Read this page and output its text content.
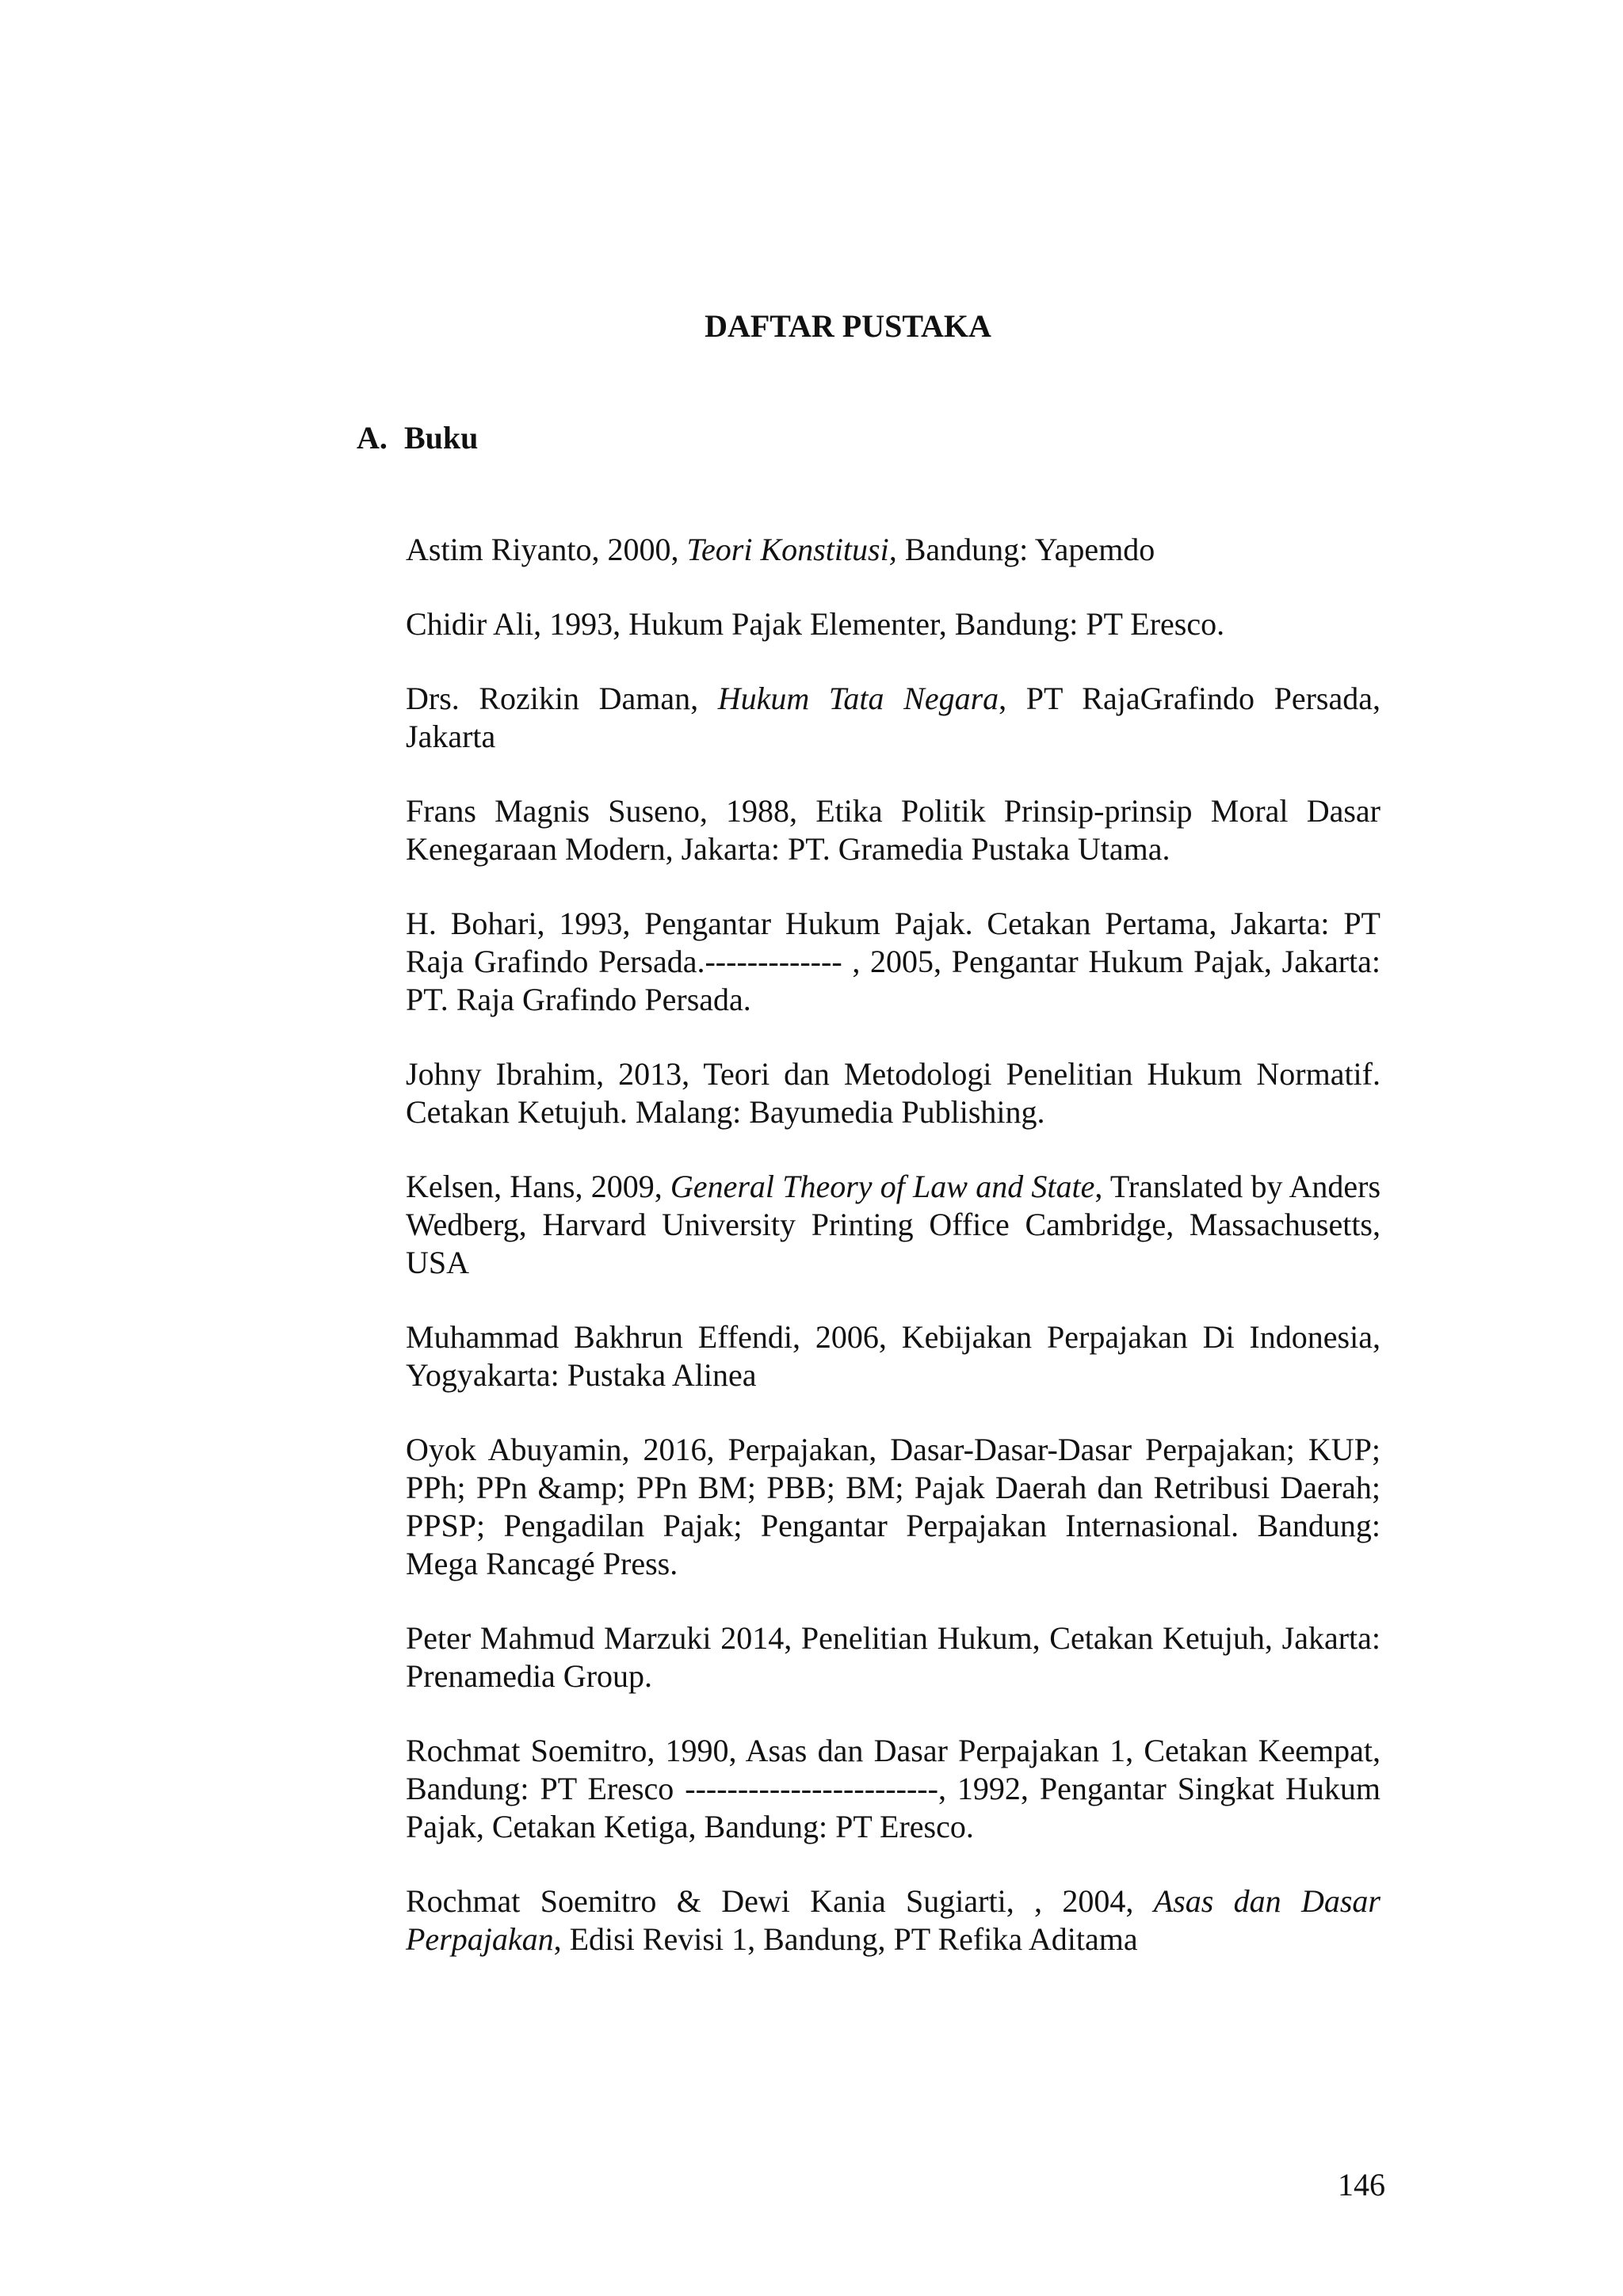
DAFTAR PUSTAKA
A. Buku
Astim Riyanto, 2000, Teori Konstitusi, Bandung: Yapemdo
Chidir Ali, 1993, Hukum Pajak Elementer, Bandung: PT Eresco.
Drs. Rozikin Daman, Hukum Tata Negara, PT RajaGrafindo Persada, Jakarta
Frans Magnis Suseno, 1988, Etika Politik Prinsip-prinsip Moral Dasar Kenegaraan Modern, Jakarta: PT. Gramedia Pustaka Utama.
H. Bohari, 1993, Pengantar Hukum Pajak. Cetakan Pertama, Jakarta: PT Raja Grafindo Persada.------------- , 2005, Pengantar Hukum Pajak, Jakarta: PT. Raja Grafindo Persada.
Johny Ibrahim, 2013, Teori dan Metodologi Penelitian Hukum Normatif. Cetakan Ketujuh. Malang: Bayumedia Publishing.
Kelsen, Hans, 2009, General Theory of Law and State, Translated by Anders Wedberg, Harvard University Printing Office Cambridge, Massachusetts, USA
Muhammad Bakhrun Effendi, 2006, Kebijakan Perpajakan Di Indonesia, Yogyakarta: Pustaka Alinea
Oyok Abuyamin, 2016, Perpajakan, Dasar-Dasar-Dasar Perpajakan; KUP; PPh; PPn &amp; PPn BM; PBB; BM; Pajak Daerah dan Retribusi Daerah; PPSP; Pengadilan Pajak; Pengantar Perpajakan Internasional. Bandung: Mega Rancagé Press.
Peter Mahmud Marzuki 2014, Penelitian Hukum, Cetakan Ketujuh, Jakarta: Prenamedia Group.
Rochmat Soemitro, 1990, Asas dan Dasar Perpajakan 1, Cetakan Keempat, Bandung: PT Eresco ------------------------, 1992, Pengantar Singkat Hukum Pajak, Cetakan Ketiga, Bandung: PT Eresco.
Rochmat Soemitro & Dewi Kania Sugiarti, , 2004, Asas dan Dasar Perpajakan, Edisi Revisi 1, Bandung, PT Refika Aditama
146
